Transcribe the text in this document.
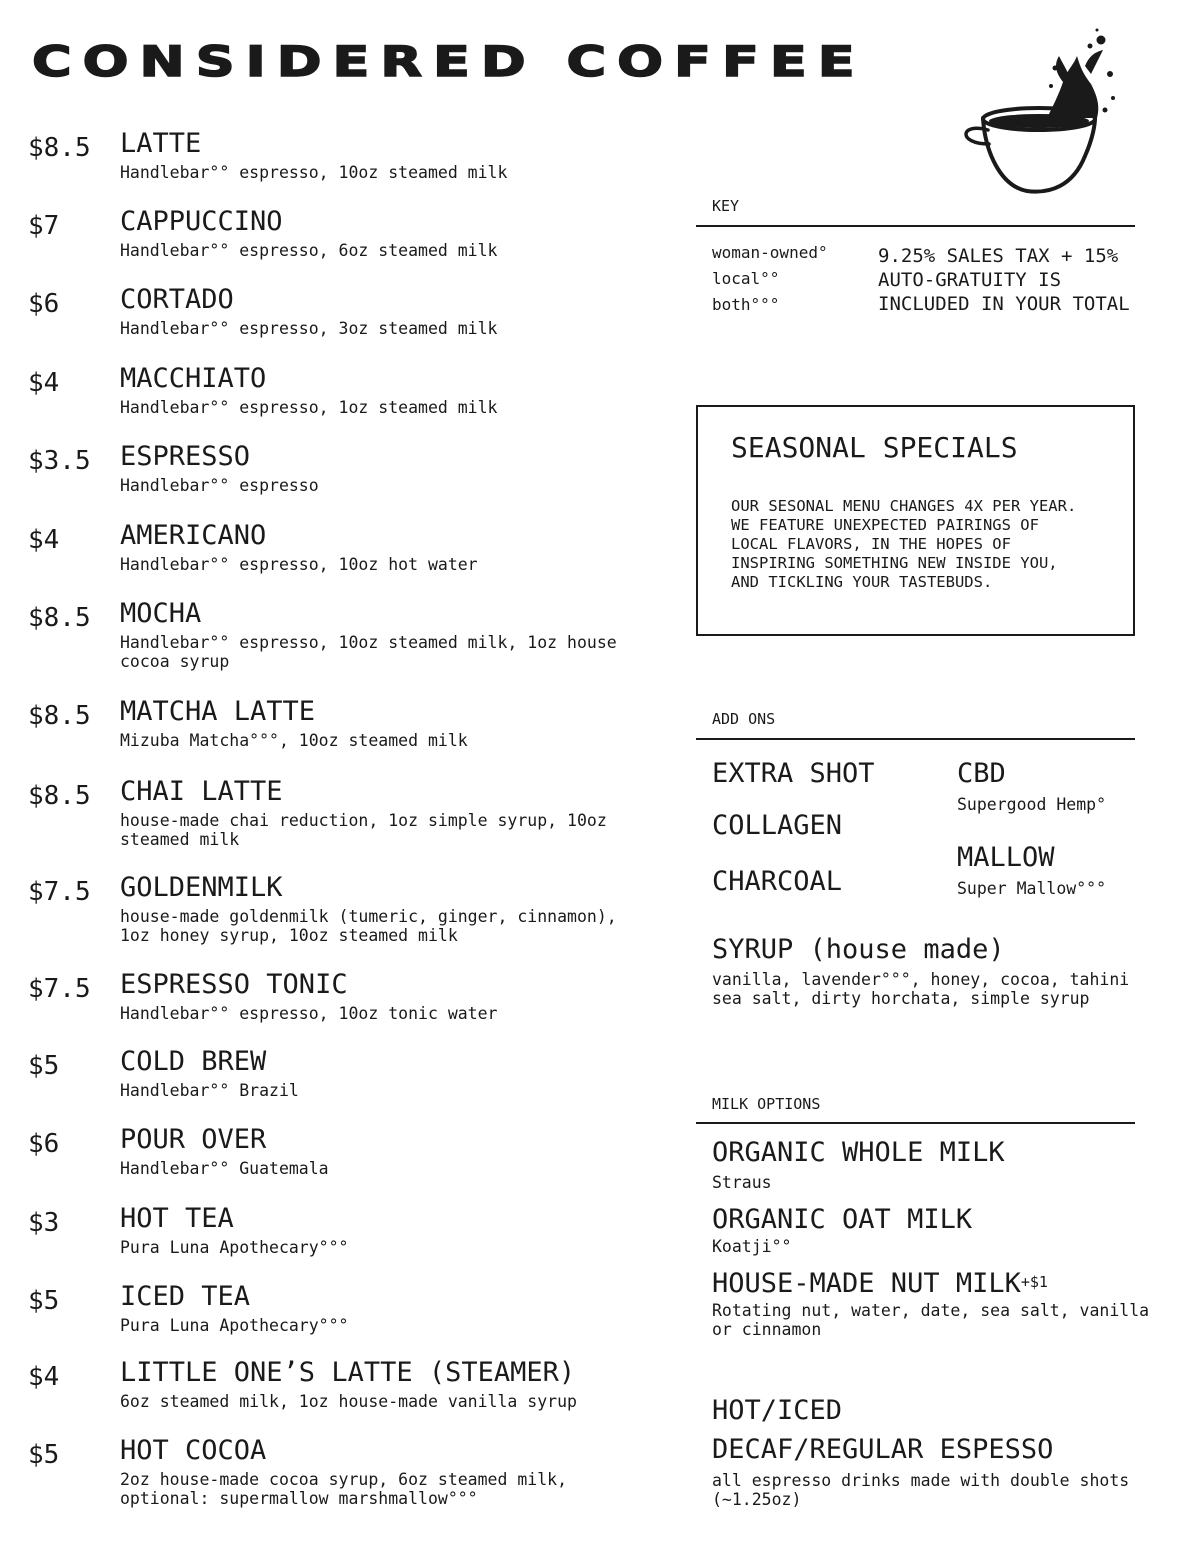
CONSIDERED COFFEE
$8.5 LATTE
Handlebar°° espresso, 10oz steamed milk
$7 CAPPUCCINO
Handlebar°° espresso, 6oz steamed milk
$6 CORTADO
Handlebar°° espresso, 3oz steamed milk
$4 MACCHIATO
Handlebar°° espresso, 1oz steamed milk
$3.5 ESPRESSO
Handlebar°° espresso
$4 AMERICANO
Handlebar°° espresso, 10oz hot water
$8.5 MOCHA
Handlebar°° espresso, 10oz steamed milk, 1oz house cocoa syrup
$8.5 MATCHA LATTE
Mizuba Matcha°°°, 10oz steamed milk
$8.5 CHAI LATTE
house-made chai reduction, 1oz simple syrup, 10oz steamed milk
$7.5 GOLDENMILK
house-made goldenmilk (tumeric, ginger, cinnamon), 1oz honey syrup, 10oz steamed milk
$7.5 ESPRESSO TONIC
Handlebar°° espresso, 10oz tonic water
$5 COLD BREW
Handlebar°° Brazil
$6 POUR OVER
Handlebar°° Guatemala
$3 HOT TEA
Pura Luna Apothecary°°°
$5 ICED TEA
Pura Luna Apothecary°°°
$4 LITTLE ONE’S LATTE (STEAMER)
6oz steamed milk, 1oz house-made vanilla syrup
$5 HOT COCOA
2oz house-made cocoa syrup, 6oz steamed milk, optional: supermallow marshmallow°°°
KEY
woman-owned°
local°°
both°°°
9.25% SALES TAX + 15% AUTO-GRATUITY IS INCLUDED IN YOUR TOTAL
SEASONAL SPECIALS
OUR SESONAL MENU CHANGES 4X PER YEAR. WE FEATURE UNEXPECTED PAIRINGS OF LOCAL FLAVORS, IN THE HOPES OF INSPIRING SOMETHING NEW INSIDE YOU, AND TICKLING YOUR TASTEBUDS.
ADD ONS
EXTRA SHOT
COLLAGEN
CHARCOAL
CBD
Supergood Hemp°
MALLOW
Super Mallow°°°
SYRUP (house made)
vanilla, lavender°°°, honey, cocoa, tahini sea salt, dirty horchata, simple syrup
MILK OPTIONS
ORGANIC WHOLE MILK
Straus
ORGANIC OAT MILK
Koatji°°
HOUSE-MADE NUT $MILK^{+\$1}$
Rotating nut, water, date, sea salt, vanilla or cinnamon
HOT/ICED
DECAF/REGULAR ESPESSO
all espresso drinks made with double shots (~1.25oz)
